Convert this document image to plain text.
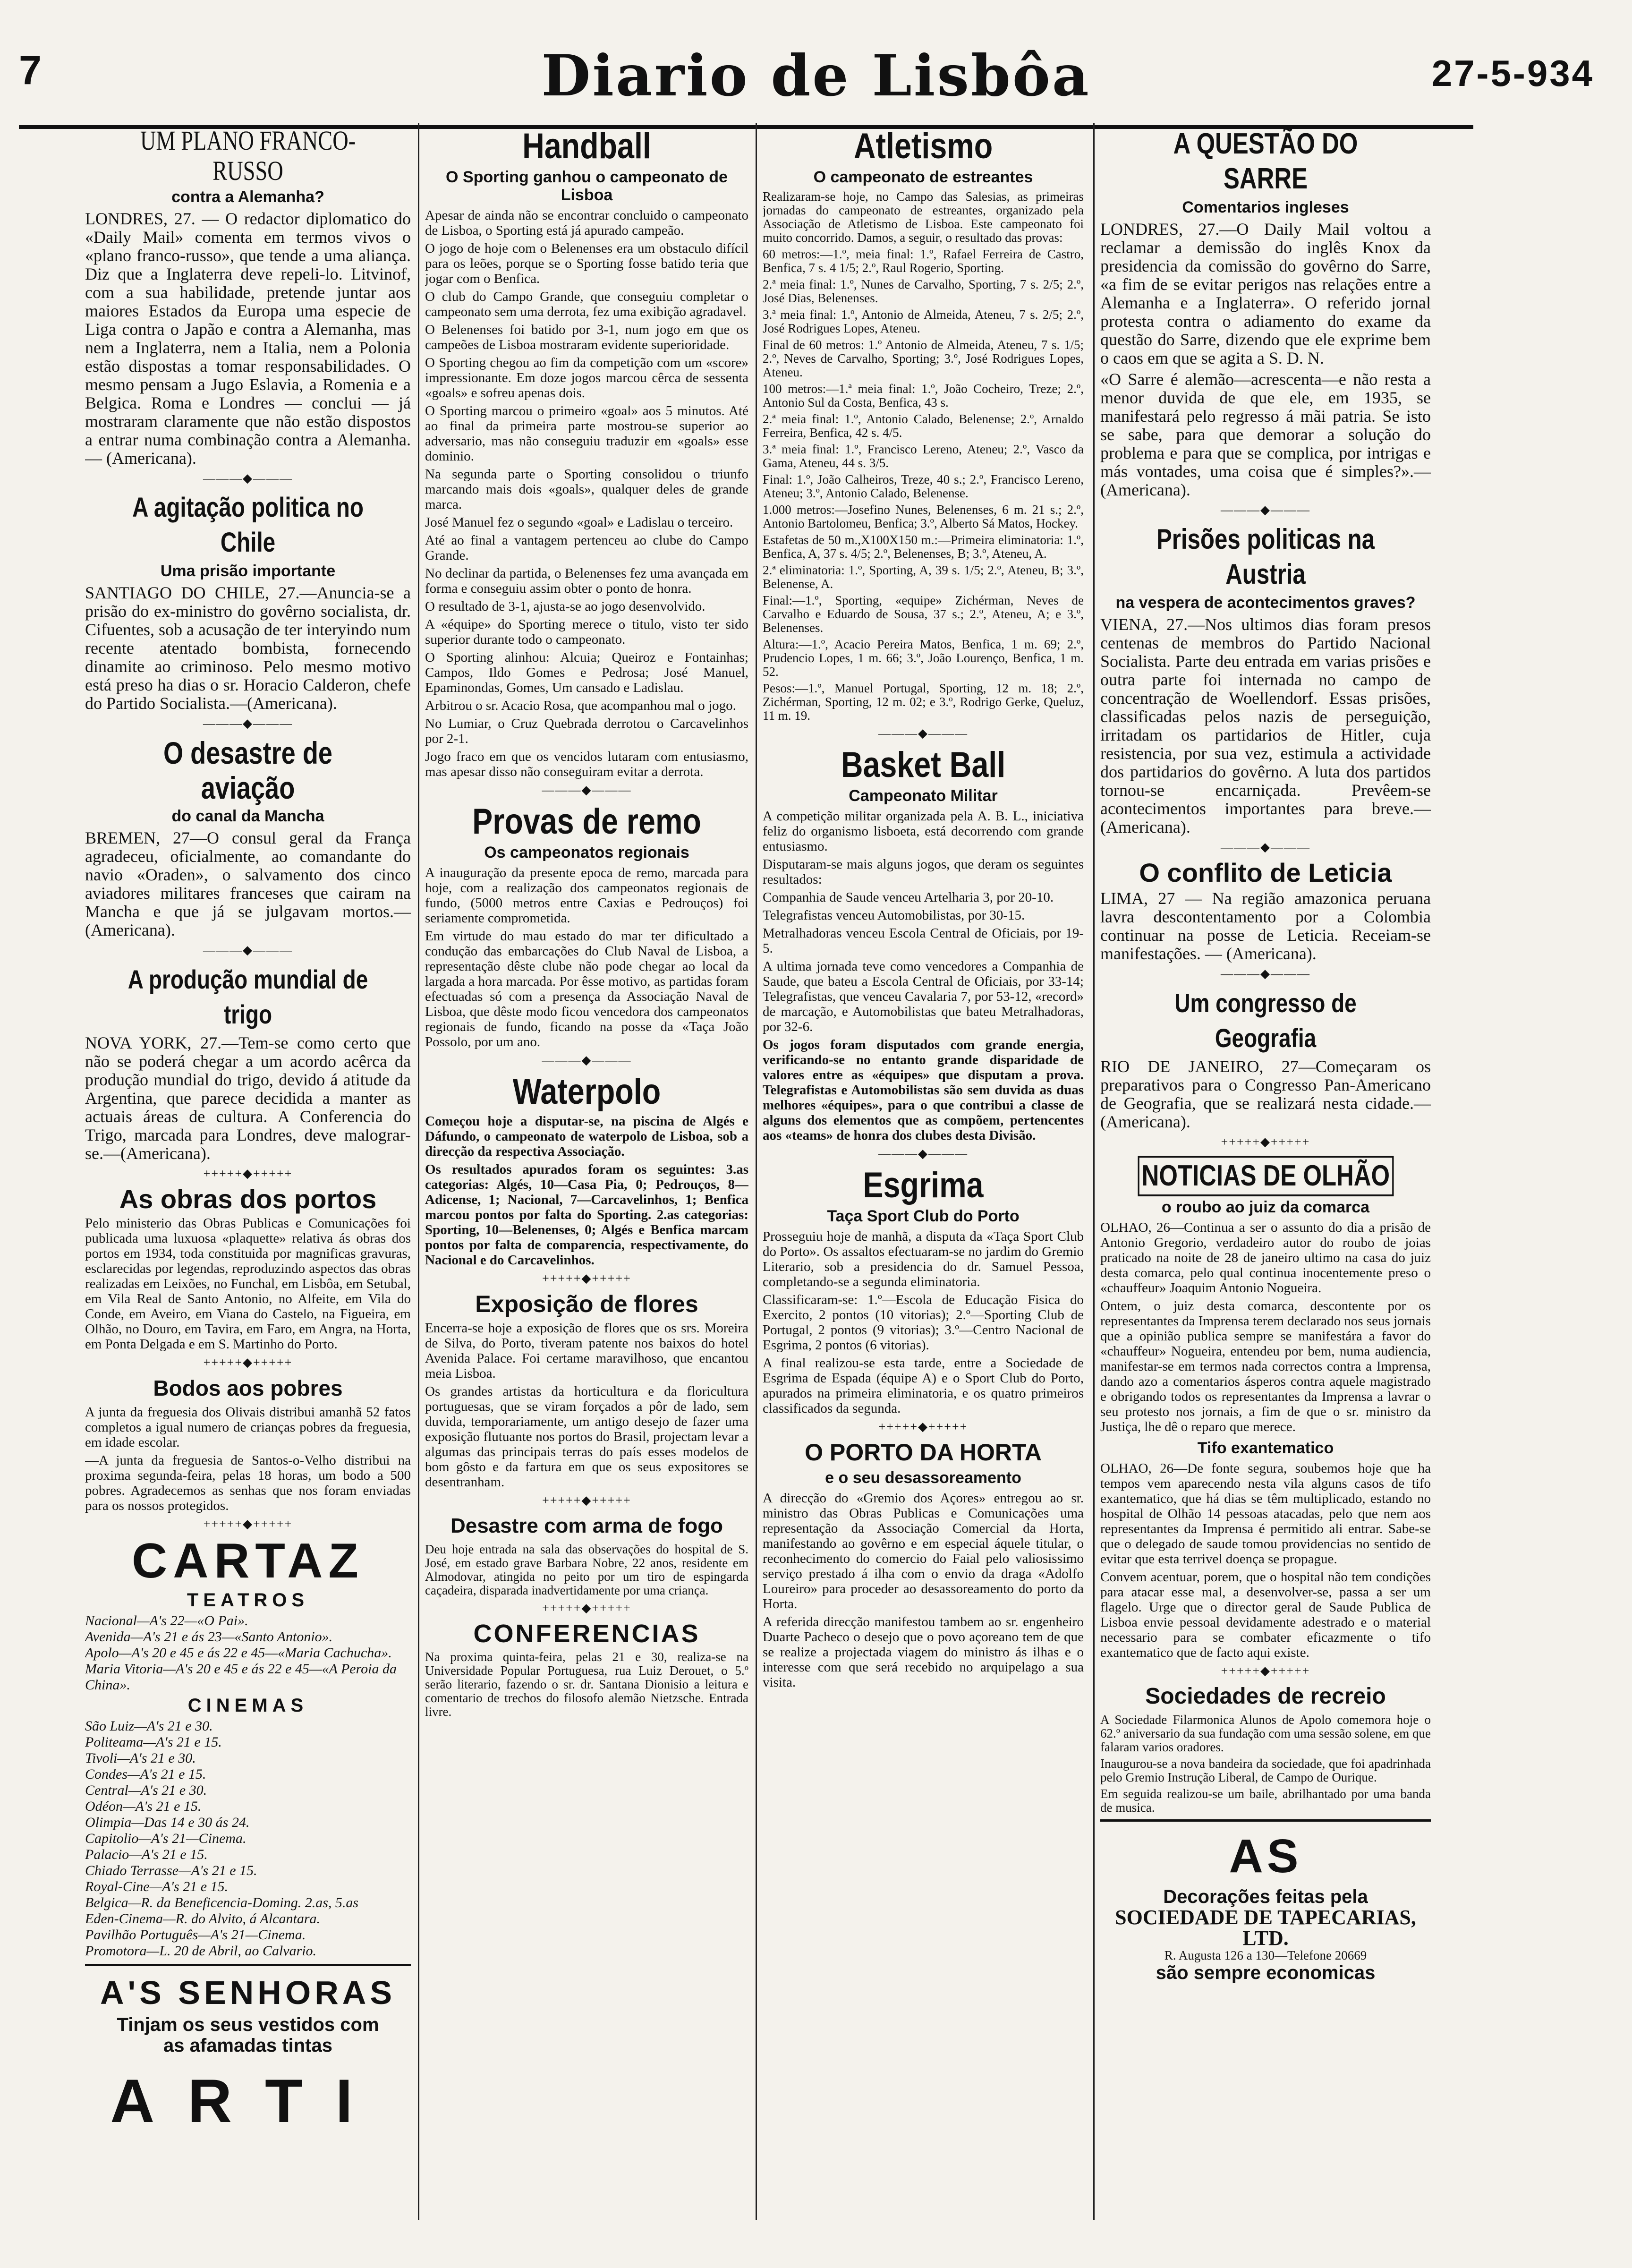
7	Diario de Lisbôa	27-5-934
UM PLANO FRANCO-RUSSO
contra a Alemanha?

LONDRES, 27. — O redactor diplomatico do «Daily Mail» comenta em termos vivos o «plano franco-russo», que tende a uma aliança. Diz que a Inglaterra deve repeli-lo. Litvinof, com a sua habilidade, pretende juntar aos maiores Estados da Europa uma especie de Liga contra o Japão e contra a Alemanha, mas nem a Inglaterra, nem a Italia, nem a Polonia estão dispostas a tomar responsabilidades. O mesmo pensam a Jugo Eslavia, a Romenia e a Belgica. Roma e Londres — conclui — já mostraram claramente que não estão dispostos a entrar numa combinação contra a Alemanha. — (Americana).

———◆———
A agitação politica no Chile
Uma prisão importante

SANTIAGO DO CHILE, 27.—Anuncia-se a prisão do ex-ministro do govêrno socialista, dr. Cifuentes, sob a acusação de ter interyindo num recente atentado bombista, fornecendo dinamite ao criminoso. Pelo mesmo motivo está preso ha dias o sr. Horacio Calderon, chefe do Partido Socialista.—(Americana).

———◆———
O desastre de aviação
do canal da Mancha

BREMEN, 27—O consul geral da França agradeceu, oficialmente, ao comandante do navio «Oraden», o salvamento dos cinco aviadores militares franceses que cairam na Mancha e que já se julgavam mortos.—(Americana).

———◆———
A produção mundial de trigo

NOVA YORK, 27.—Tem-se como certo que não se poderá chegar a um acordo acêrca da produção mundial do trigo, devido á atitude da Argentina, que parece decidida a manter as actuais áreas de cultura. A Conferencia do Trigo, marcada para Londres, deve malograr-se.—(Americana).

+++++◆+++++
As obras dos portos

Pelo ministerio das Obras Publicas e Comunicações foi publicada uma luxuosa «plaquette» relativa ás obras dos portos em 1934, toda constituida por magnificas gravuras, esclarecidas por legendas, reproduzindo aspectos das obras realizadas em Leixões, no Funchal, em Lisbôa, em Setubal, em Vila Real de Santo Antonio, no Alfeite, em Vila do Conde, em Aveiro, em Viana do Castelo, na Figueira, em Olhão, no Douro, em Tavira, em Faro, em Angra, na Horta, em Ponta Delgada e em S. Martinho do Porto.

+++++◆+++++
Bodos aos pobres

A junta da freguesia dos Olivais distribui amanhã 52 fatos completos a igual numero de crianças pobres da freguesia, em idade escolar.

—A junta da freguesia de Santos-o-Velho distribui na proxima segunda-feira, pelas 18 horas, um bodo a 500 pobres. Agradecemos as senhas que nos foram enviadas para os nossos protegidos.

+++++◆+++++
CARTAZ
TEATROS
Nacional—A's 22—«O Pai».
Avenida—A's 21 e ás 23—«Santo Antonio».
Apolo—A's 20 e 45 e ás 22 e 45—«Maria Cachucha».
Maria Vitoria—A's 20 e 45 e ás 22 e 45—«A Peroia da China».
CINEMAS
São Luiz—A's 21 e 30.
Politeama—A's 21 e 15.
Tivoli—A's 21 e 30.
Condes—A's 21 e 15.
Central—A's 21 e 30.
Odéon—A's 21 e 15.
Olimpia—Das 14 e 30 ás 24.
Capitolio—A's 21—Cinema.
Palacio—A's 21 e 15.
Chiado Terrasse—A's 21 e 15.
Royal-Cine—A's 21 e 15.
Belgica—R. da Beneficencia-Doming. 2.as, 5.as
Eden-Cinema—R. do Alvito, á Alcantara.
Pavilhão Português—A's 21—Cinema.
Promotora—L. 20 de Abril, ao Calvario.
A'S SENHORAS
Tinjam os seus vestidos com
as afamadas tintas
ARTI
Handball
O Sporting ganhou o campeonato de Lisboa

Apesar de ainda não se encontrar concluido o campeonato de Lisboa, o Sporting está já apurado campeão.

O jogo de hoje com o Belenenses era um obstaculo difícil para os leões, porque se o Sporting fosse batido teria que jogar com o Benfica.

O club do Campo Grande, que conseguiu completar o campeonato sem uma derrota, fez uma exibição agradavel.

O Belenenses foi batido por 3-1, num jogo em que os campeões de Lisboa mostraram evidente superioridade.

O Sporting chegou ao fim da competição com um «score» impressionante. Em doze jogos marcou cêrca de sessenta «goals» e sofreu apenas dois.

O Sporting marcou o primeiro «goal» aos 5 minutos. Até ao final da primeira parte mostrou-se superior ao adversario, mas não conseguiu traduzir em «goals» esse dominio.

Na segunda parte o Sporting consolidou o triunfo marcando mais dois «goals», qualquer deles de grande marca.

José Manuel fez o segundo «goal» e Ladislau o terceiro.

Até ao final a vantagem pertenceu ao clube do Campo Grande.

No declinar da partida, o Belenenses fez uma avançada em forma e conseguiu assim obter o ponto de honra.

O resultado de 3-1, ajusta-se ao jogo desenvolvido.

A «équipe» do Sporting merece o titulo, visto ter sido superior durante todo o campeonato.

O Sporting alinhou: Alcuia; Queiroz e Fontainhas; Campos, Ildo Gomes e Pedrosa; José Manuel, Epaminondas, Gomes, Um cansado e Ladislau.

Arbitrou o sr. Acacio Rosa, que acompanhou mal o jogo.

No Lumiar, o Cruz Quebrada derrotou o Carcavelinhos por 2-1.

Jogo fraco em que os vencidos lutaram com entusiasmo, mas apesar disso não conseguiram evitar a derrota.

———◆———
Provas de remo
Os campeonatos regionais

A inauguração da presente epoca de remo, marcada para hoje, com a realização dos campeonatos regionais de fundo, (5000 metros entre Caxias e Pedrouços) foi seriamente comprometida.

Em virtude do mau estado do mar ter dificultado a condução das embarcações do Club Naval de Lisboa, a representação dêste clube não pode chegar ao local da largada a hora marcada. Por êsse motivo, as partidas foram efectuadas só com a presença da Associação Naval de Lisboa, que dêste modo ficou vencedora dos campeonatos regionais de fundo, ficando na posse da «Taça João Possolo, por um ano.

———◆———
Waterpolo

Começou hoje a disputar-se, na piscina de Algés e Dáfundo, o campeonato de waterpolo de Lisboa, sob a direcção da respectiva Associação.

Os resultados apurados foram os seguintes: 3.as categorias: Algés, 10—Casa Pia, 0; Pedrouços, 8—Adicense, 1; Nacional, 7—Carcavelinhos, 1; Benfica marcou pontos por falta do Sporting. 2.as categorias: Sporting, 10—Belenenses, 0; Algés e Benfica marcam pontos por falta de comparencia, respectivamente, do Nacional e do Carcavelinhos.

+++++◆+++++
Exposição de flores

Encerra-se hoje a exposição de flores que os srs. Moreira de Silva, do Porto, tiveram patente nos baixos do hotel Avenida Palace. Foi certame maravilhoso, que encantou meia Lisboa.

Os grandes artistas da horticultura e da floricultura portuguesas, que se viram forçados a pôr de lado, sem duvida, temporariamente, um antigo desejo de fazer uma exposição flutuante nos portos do Brasil, projectam levar a algumas das principais terras do país esses modelos de bom gôsto e da fartura em que os seus expositores se desentranham.

+++++◆+++++
Desastre com arma de fogo

Deu hoje entrada na sala das observações do hospital de S. José, em estado grave Barbara Nobre, 22 anos, residente em Almodovar, atingida no peito por um tiro de espingarda caçadeira, disparada inadvertidamente por uma criança.

+++++◆+++++
CONFERENCIAS

Na proxima quinta-feira, pelas 21 e 30, realiza-se na Universidade Popular Portuguesa, rua Luiz Derouet, o 5.º serão literario, fazendo o sr. dr. Santana Dionisio a leitura e comentario de trechos do filosofo alemão Nietzsche. Entrada livre.

Atletismo
O campeonato de estreantes

Realizaram-se hoje, no Campo das Salesias, as primeiras jornadas do campeonato de estreantes, organizado pela Associação de Atletismo de Lisboa. Este campeonato foi muito concorrido. Damos, a seguir, o resultado das provas:

60 metros:—1.º, meia final: 1.º, Rafael Ferreira de Castro, Benfica, 7 s. 4 1/5; 2.º, Raul Rogerio, Sporting.

2.ª meia final: 1.º, Nunes de Carvalho, Sporting, 7 s. 2/5; 2.º, José Dias, Belenenses.

3.ª meia final: 1.º, Antonio de Almeida, Ateneu, 7 s. 2/5; 2.º, José Rodrigues Lopes, Ateneu.

Final de 60 metros: 1.º Antonio de Almeida, Ateneu, 7 s. 1/5; 2.º, Neves de Carvalho, Sporting; 3.º, José Rodrigues Lopes, Ateneu.

100 metros:—1.ª meia final: 1.º, João Cocheiro, Treze; 2.º, Antonio Sul da Costa, Benfica, 43 s.

2.ª meia final: 1.º, Antonio Calado, Belenense; 2.º, Arnaldo Ferreira, Benfica, 42 s. 4/5.

3.ª meia final: 1.º, Francisco Lereno, Ateneu; 2.º, Vasco da Gama, Ateneu, 44 s. 3/5.

Final: 1.º, João Calheiros, Treze, 40 s.; 2.º, Francisco Lereno, Ateneu; 3.º, Antonio Calado, Belenense.

1.000 metros:—Josefino Nunes, Belenenses, 6 m. 21 s.; 2.º, Antonio Bartolomeu, Benfica; 3.º, Alberto Sá Matos, Hockey.

Estafetas de 50 m.,X100X150 m.:—Primeira eliminatoria: 1.º, Benfica, A, 37 s. 4/5; 2.º, Belenenses, B; 3.º, Ateneu, A.

2.ª eliminatoria: 1.º, Sporting, A, 39 s. 1/5; 2.º, Ateneu, B; 3.º, Belenense, A.

Final:—1.º, Sporting, «equipe» Zichérman, Neves de Carvalho e Eduardo de Sousa, 37 s.; 2.º, Ateneu, A; e 3.º, Belenenses.

Altura:—1.º, Acacio Pereira Matos, Benfica, 1 m. 69; 2.º, Prudencio Lopes, 1 m. 66; 3.º, João Lourenço, Benfica, 1 m. 52.

Pesos:—1.º, Manuel Portugal, Sporting, 12 m. 18; 2.º, Zichérman, Sporting, 12 m. 02; e 3.º, Rodrigo Gerke, Queluz, 11 m. 19.

———◆———
Basket Ball
Campeonato Militar

A competição militar organizada pela A. B. L., iniciativa feliz do organismo lisboeta, está decorrendo com grande entusiasmo.

Disputaram-se mais alguns jogos, que deram os seguintes resultados:

Companhia de Saude venceu Artelharia 3, por 20-10.

Telegrafistas venceu Automobilistas, por 30-15.

Metralhadoras venceu Escola Central de Oficiais, por 19-5.

A ultima jornada teve como vencedores a Companhia de Saude, que bateu a Escola Central de Oficiais, por 33-14; Telegrafistas, que venceu Cavalaria 7, por 53-12, «record» de marcação, e Automobilistas que bateu Metralhadoras, por 32-6.

Os jogos foram disputados com grande energia, verificando-se no entanto grande disparidade de valores entre as «équipes» que disputam a prova. Telegrafistas e Automobilistas são sem duvida as duas melhores «équipes», para o que contribui a classe de alguns dos elementos que as compõem, pertencentes aos «teams» de honra dos clubes desta Divisão.

———◆———
Esgrima
Taça Sport Club do Porto

Prosseguiu hoje de manhã, a disputa da «Taça Sport Club do Porto». Os assaltos efectuaram-se no jardim do Gremio Literario, sob a presidencia do dr. Samuel Pessoa, completando-se a segunda eliminatoria.

Classificaram-se: 1.º—Escola de Educação Fisica do Exercito, 2 pontos (10 vitorias); 2.º—Sporting Club de Portugal, 2 pontos (9 vitorias); 3.º—Centro Nacional de Esgrima, 2 pontos (6 vitorias).

A final realizou-se esta tarde, entre a Sociedade de Esgrima de Espada (équipe A) e o Sport Club do Porto, apurados na primeira eliminatoria, e os quatro primeiros classificados da segunda.

+++++◆+++++
O PORTO DA HORTA
e o seu desassoreamento

A direcção do «Gremio dos Açores» entregou ao sr. ministro das Obras Publicas e Comunicações uma representação da Associação Comercial da Horta, manifestando ao govêrno e em especial áquele titular, o reconhecimento do comercio do Faial pelo valiosissimo serviço prestado á ilha com o envio da draga «Adolfo Loureiro» para proceder ao desassoreamento do porto da Horta.

A referida direcção manifestou tambem ao sr. engenheiro Duarte Pacheco o desejo que o povo açoreano tem de que se realize a projectada viagem do ministro ás ilhas e o interesse com que será recebido no arquipelago a sua visita.

A QUESTÃO DO SARRE
Comentarios ingleses

LONDRES, 27.—O Daily Mail voltou a reclamar a demissão do inglês Knox da presidencia da comissão do govêrno do Sarre, «a fim de se evitar perigos nas relações entre a Alemanha e a Inglaterra». O referido jornal protesta contra o adiamento do exame da questão do Sarre, dizendo que ele exprime bem o caos em que se agita a S. D. N.

«O Sarre é alemão—acrescenta—e não resta a menor duvida de que ele, em 1935, se manifestará pelo regresso á mãi patria. Se isto se sabe, para que demorar a solução do problema e para que se complica, por intrigas e más vontades, uma coisa que é simples?».—(Americana).

———◆———
Prisões politicas na Austria
na vespera de acontecimentos graves?

VIENA, 27.—Nos ultimos dias foram presos centenas de membros do Partido Nacional Socialista. Parte deu entrada em varias prisões e outra parte foi internada no campo de concentração de Woellendorf. Essas prisões, classificadas pelos nazis de perseguição, irritadam os partidarios de Hitler, cuja resistencia, por sua vez, estimula a actividade dos partidarios do govêrno. A luta dos partidos tornou-se encarniçada. Prevêem-se acontecimentos importantes para breve.—(Americana).

———◆———
O conflito de Leticia

LIMA, 27 — Na região amazonica peruana lavra descontentamento por a Colombia continuar na posse de Leticia. Receiam-se manifestações. — (Americana).

———◆———
Um congresso de Geografia

RIO DE JANEIRO, 27—Começaram os preparativos para o Congresso Pan-Americano de Geografia, que se realizará nesta cidade.—(Americana).

+++++◆+++++
NOTICIAS DE OLHÃO
o roubo ao juiz da comarca

OLHAO, 26—Continua a ser o assunto do dia a prisão de Antonio Gregorio, verdadeiro autor do roubo de joias praticado na noite de 28 de janeiro ultimo na casa do juiz desta comarca, pelo qual continua inocentemente preso o «chauffeur» Joaquim Antonio Nogueira.

Ontem, o juiz desta comarca, descontente por os representantes da Imprensa terem declarado nos seus jornais que a opinião publica sempre se manifestára a favor do «chauffeur» Nogueira, entendeu por bem, numa audiencia, manifestar-se em termos nada correctos contra a Imprensa, dando azo a comentarios ásperos contra aquele magistrado e obrigando todos os representantes da Imprensa a lavrar o seu protesto nos jornais, a fim de que o sr. ministro da Justiça, lhe dê o reparo que merece.

Tifo exantematico

OLHAO, 26—De fonte segura, soubemos hoje que ha tempos vem aparecendo nesta vila alguns casos de tifo exantematico, que há dias se têm multiplicado, estando no hospital de Olhão 14 pessoas atacadas, pelo que nem aos representantes da Imprensa é permitido ali entrar. Sabe-se que o delegado de saude tomou providencias no sentido de evitar que esta terrivel doença se propague.

Convem acentuar, porem, que o hospital não tem condições para atacar esse mal, a desenvolver-se, passa a ser um flagelo. Urge que o director geral de Saude Publica de Lisboa envie pessoal devidamente adestrado e o material necessario para se combater eficazmente o tifo exantematico que de facto aqui existe.

+++++◆+++++
Sociedades de recreio

A Sociedade Filarmonica Alunos de Apolo comemora hoje o 62.º aniversario da sua fundação com uma sessão solene, em que falaram varios oradores.

Inaugurou-se a nova bandeira da sociedade, que foi apadrinhada pelo Gremio Instrução Liberal, de Campo de Ourique.

Em seguida realizou-se um baile, abrilhantado por uma banda de musica.

AS
Decorações feitas pela
SOCIEDADE DE TAPECARIAS, LTD.
R. Augusta 126 a 130—Telefone 20669
são sempre economicas
